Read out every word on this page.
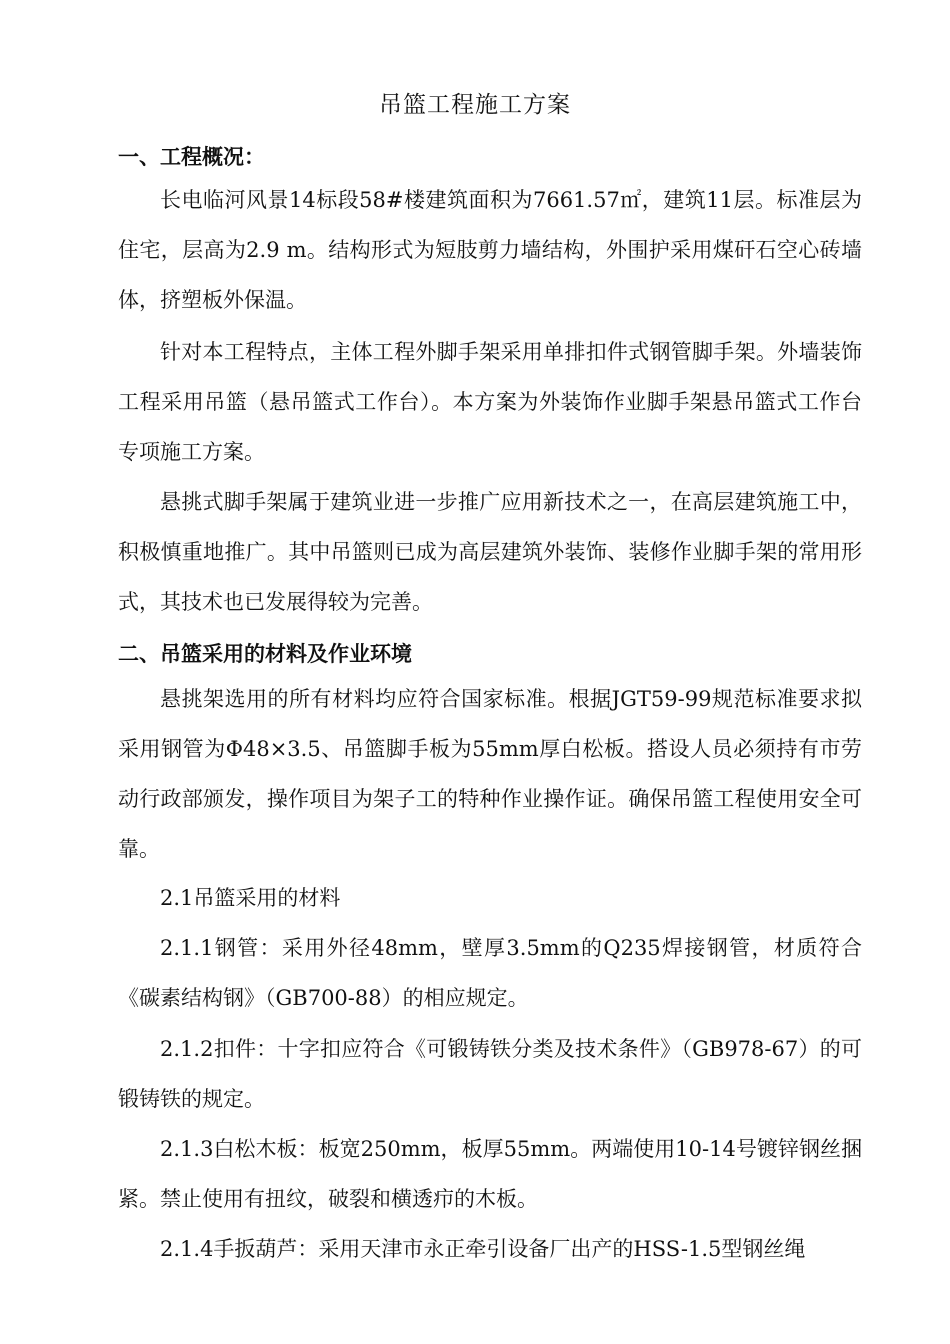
吊篮工程施工方案
一、工程概况：
长电临河风景14标段58#楼建筑面积为7661.57㎡，建筑11层。标准层为住宅，层高为2.9 m。结构形式为短肢剪力墙结构，外围护采用煤矸石空心砖墙体，挤塑板外保温。
针对本工程特点，主体工程外脚手架采用单排扣件式钢管脚手架。外墙装饰工程采用吊篮（悬吊篮式工作台）。本方案为外装饰作业脚手架悬吊篮式工作台专项施工方案。
悬挑式脚手架属于建筑业进一步推广应用新技术之一，在高层建筑施工中，积极慎重地推广。其中吊篮则已成为高层建筑外装饰、装修作业脚手架的常用形式，其技术也已发展得较为完善。
二、吊篮采用的材料及作业环境
悬挑架选用的所有材料均应符合国家标准。根据JGT59-99规范标准要求拟采用钢管为Φ48×3.5、吊篮脚手板为55mm厚白松板。搭设人员必须持有市劳动行政部颁发，操作项目为架子工的特种作业操作证。确保吊篮工程使用安全可靠。
2.1吊篮采用的材料
2.1.1钢管：采用外径48mm，壁厚3.5mm的Q235焊接钢管，材质符合《碳素结构钢》（GB700-88）的相应规定。
2.1.2扣件：十字扣应符合《可锻铸铁分类及技术条件》（GB978-67）的可锻铸铁的规定。
2.1.3白松木板：板宽250mm，板厚55mm。两端使用10-14号镀锌钢丝捆紧。禁止使用有扭纹，破裂和横透疖的木板。
2.1.4手扳葫芦：采用天津市永正牵引设备厂出产的HSS-1.5型钢丝绳
